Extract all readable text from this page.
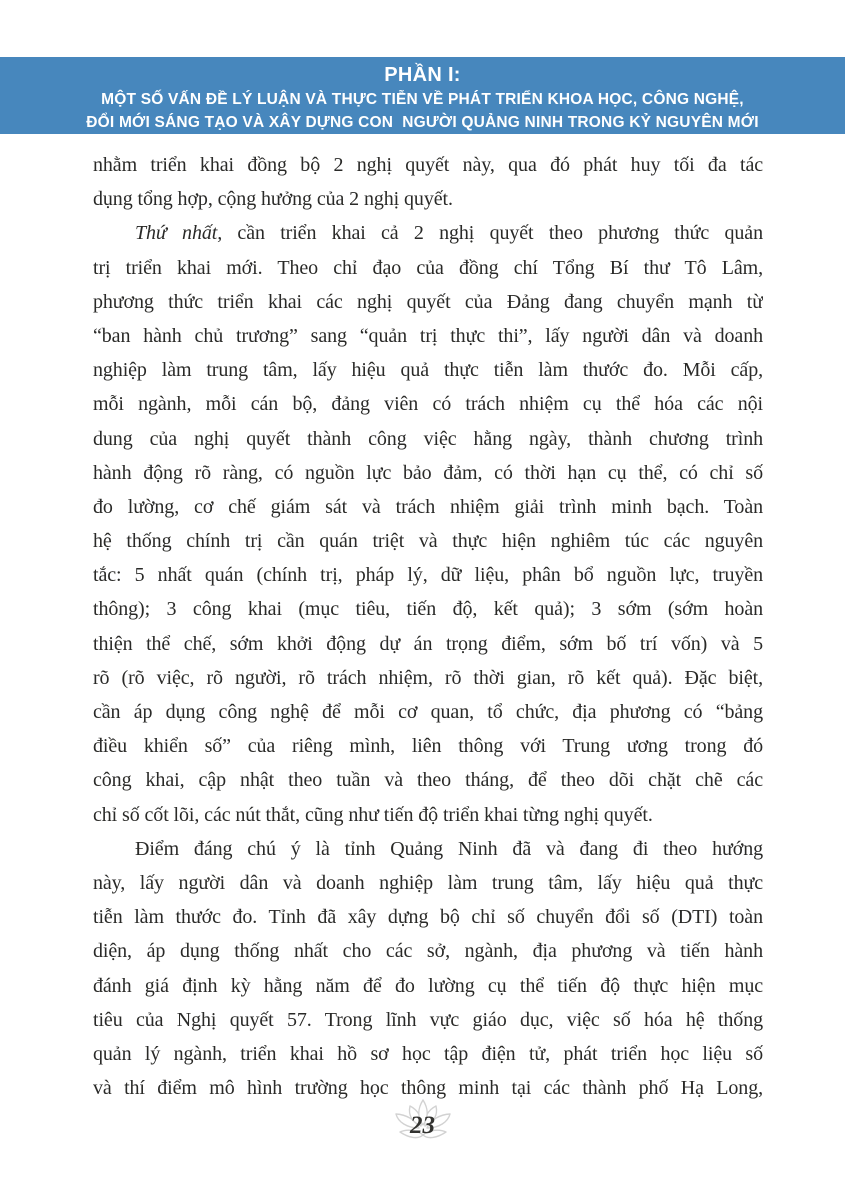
PHẦN I:
MỘT SỐ VẤN ĐỀ LÝ LUẬN VÀ THỰC TIỄN VỀ PHÁT TRIỂN KHOA HỌC, CÔNG NGHỆ,
ĐỔI MỚI SÁNG TẠO VÀ XÂY DỰNG CON  NGƯỜI QUẢNG NINH TRONG KỶ NGUYÊN MỚI
nhằm triển khai đồng bộ 2 nghị quyết này, qua đó phát huy tối đa tác
dụng tổng hợp, cộng hưởng của 2 nghị quyết.
Thứ nhất, cần triển khai cả 2 nghị quyết theo phương thức quản
trị triển khai mới. Theo chỉ đạo của đồng chí Tổng Bí thư Tô Lâm,
phương thức triển khai các nghị quyết của Đảng đang chuyển mạnh từ
“ban hành chủ trương” sang “quản trị thực thi”, lấy người dân và doanh
nghiệp làm trung tâm, lấy hiệu quả thực tiễn làm thước đo. Mỗi cấp,
mỗi ngành, mỗi cán bộ, đảng viên có trách nhiệm cụ thể hóa các nội
dung của nghị quyết thành công việc hằng ngày, thành chương trình
hành động rõ ràng, có nguồn lực bảo đảm, có thời hạn cụ thể, có chỉ số
đo lường, cơ chế giám sát và trách nhiệm giải trình minh bạch. Toàn
hệ thống chính trị cần quán triệt và thực hiện nghiêm túc các nguyên
tắc: 5 nhất quán (chính trị, pháp lý, dữ liệu, phân bổ nguồn lực, truyền
thông); 3 công khai (mục tiêu, tiến độ, kết quả); 3 sớm (sớm hoàn
thiện thể chế, sớm khởi động dự án trọng điểm, sớm bố trí vốn) và 5
rõ (rõ việc, rõ người, rõ trách nhiệm, rõ thời gian, rõ kết quả). Đặc biệt,
cần áp dụng công nghệ để mỗi cơ quan, tổ chức, địa phương có “bảng
điều khiển số” của riêng mình, liên thông với Trung ương trong đó
công khai, cập nhật theo tuần và theo tháng, để theo dõi chặt chẽ các
chỉ số cốt lõi, các nút thắt, cũng như tiến độ triển khai từng nghị quyết.
Điểm đáng chú ý là tỉnh Quảng Ninh đã và đang đi theo hướng
này, lấy người dân và doanh nghiệp làm trung tâm, lấy hiệu quả thực
tiễn làm thước đo. Tỉnh đã xây dựng bộ chỉ số chuyển đổi số (DTI) toàn
diện, áp dụng thống nhất cho các sở, ngành, địa phương và tiến hành
đánh giá định kỳ hằng năm để đo lường cụ thể tiến độ thực hiện mục
tiêu của Nghị quyết 57. Trong lĩnh vực giáo dục, việc số hóa hệ thống
quản lý ngành, triển khai hồ sơ học tập điện tử, phát triển học liệu số
và thí điểm mô hình trường học thông minh tại các thành phố Hạ Long,
23
